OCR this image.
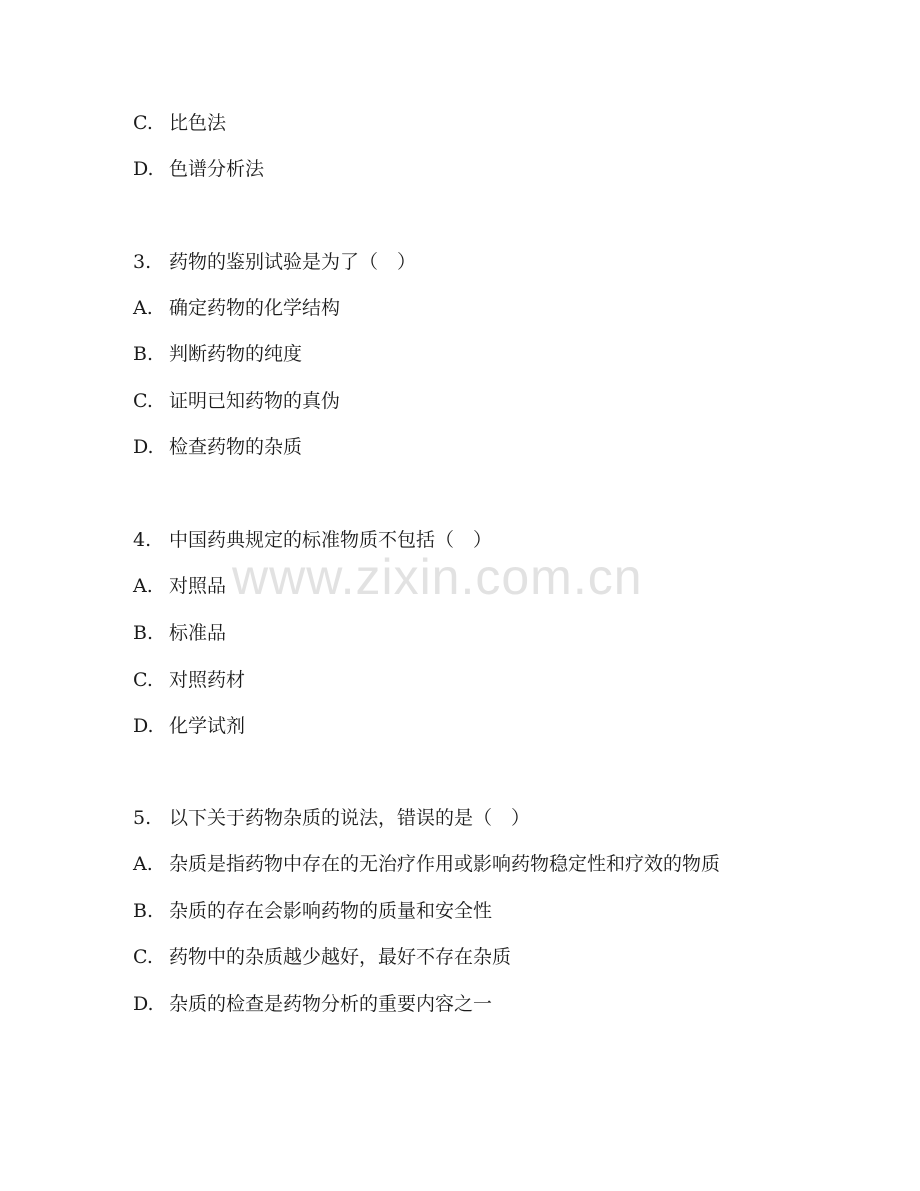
C. 比色法
D. 色谱分析法
3. 药物的鉴别试验是为了（　）
A. 确定药物的化学结构
B. 判断药物的纯度
C. 证明已知药物的真伪
D. 检查药物的杂质
4. 中国药典规定的标准物质不包括（　）
A. 对照品
B. 标准品
C. 对照药材
D. 化学试剂
5. 以下关于药物杂质的说法，错误的是（　）
A. 杂质是指药物中存在的无治疗作用或影响药物稳定性和疗效的物质
B. 杂质的存在会影响药物的质量和安全性
C. 药物中的杂质越少越好，最好不存在杂质
D. 杂质的检查是药物分析的重要内容之一
www.zixin.com.cn
